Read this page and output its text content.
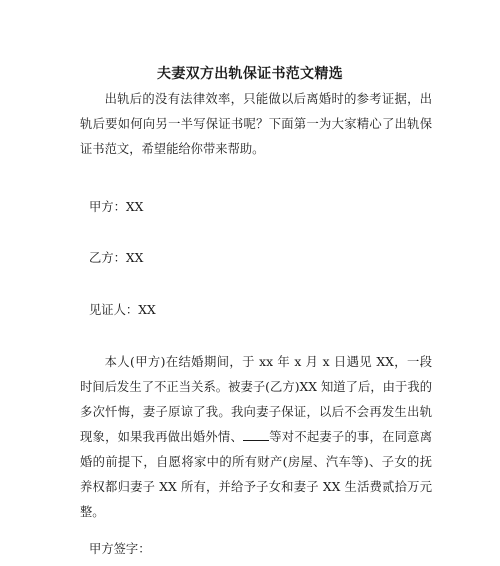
夫妻双方出轨保证书范文精选

出轨后的没有法律效率，只能做以后离婚时的参考证据，出轨后要如何向另一半写保证书呢？下面第一为大家精心了出轨保证书范文，希望能给你带来帮助。

甲方：XX
乙方：XX
见证人：XX

本人(甲方)在结婚期间，于 xx 年 x 月 x 日遇见 XX，一段时间后发生了不正当关系。被妻子(乙方)XX 知道了后，由于我的多次忏悔，妻子原谅了我。我向妻子保证，以后不会再发生出轨现象，如果我再做出婚外情、 等对不起妻子的事，在同意离婚的前提下，自愿将家中的所有财产(房屋、汽车等)、子女的抚养权都归妻子 XX 所有，并给予子女和妻子 XX 生活费贰拾万元整。

甲方签字：
